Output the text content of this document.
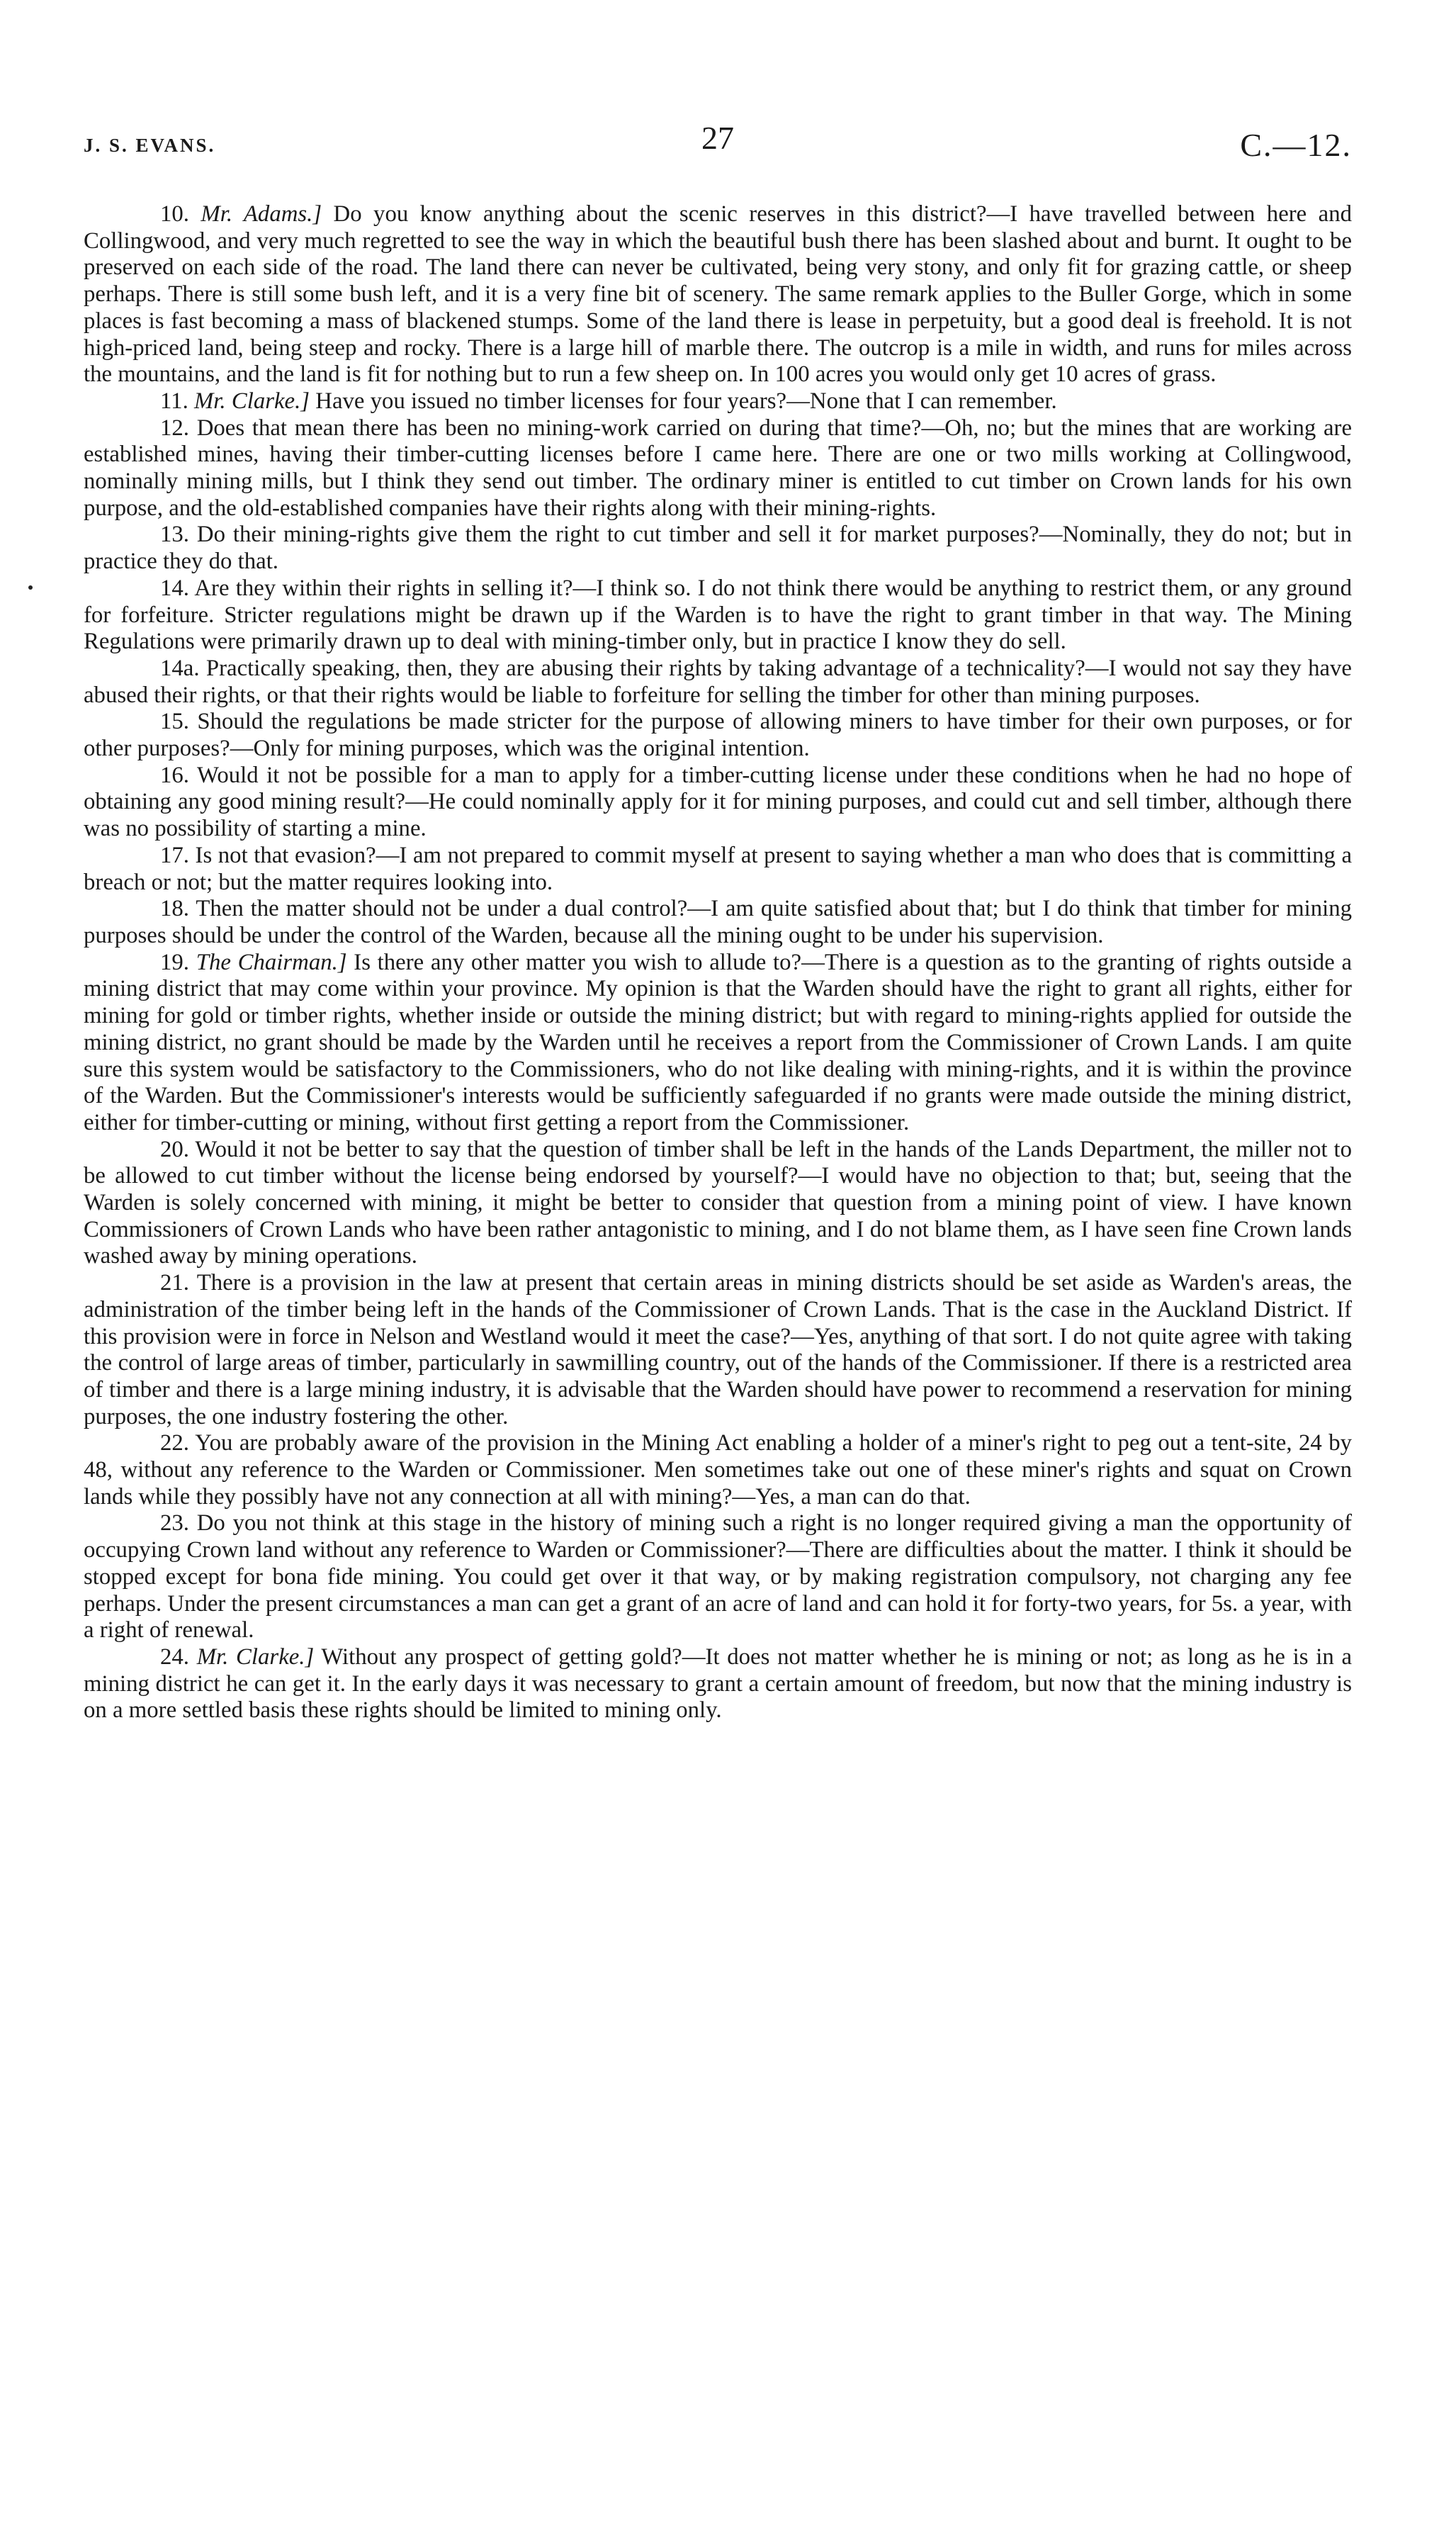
J. S. EVANS.	27	C.—12.

10. Mr. Adams.] Do you know anything about the scenic reserves in this district?—I have travelled between here and Collingwood, and very much regretted to see the way in which the beautiful bush there has been slashed about and burnt. It ought to be preserved on each side of the road. The land there can never be cultivated, being very stony, and only fit for grazing cattle, or sheep perhaps. There is still some bush left, and it is a very fine bit of scenery. The same remark applies to the Buller Gorge, which in some places is fast becoming a mass of blackened stumps. Some of the land there is lease in perpetuity, but a good deal is freehold. It is not high-priced land, being steep and rocky. There is a large hill of marble there. The outcrop is a mile in width, and runs for miles across the mountains, and the land is fit for nothing but to run a few sheep on. In 100 acres you would only get 10 acres of grass.

11. Mr. Clarke.] Have you issued no timber licenses for four years?—None that I can remember.

12. Does that mean there has been no mining-work carried on during that time?—Oh, no; but the mines that are working are established mines, having their timber-cutting licenses before I came here. There are one or two mills working at Collingwood, nominally mining mills, but I think they send out timber. The ordinary miner is entitled to cut timber on Crown lands for his own purpose, and the old-established companies have their rights along with their mining-rights.

13. Do their mining-rights give them the right to cut timber and sell it for market purposes?—Nominally, they do not; but in practice they do that.

14. Are they within their rights in selling it?—I think so. I do not think there would be anything to restrict them, or any ground for forfeiture. Stricter regulations might be drawn up if the Warden is to have the right to grant timber in that way. The Mining Regulations were primarily drawn up to deal with mining-timber only, but in practice I know they do sell.

14a. Practically speaking, then, they are abusing their rights by taking advantage of a technicality?—I would not say they have abused their rights, or that their rights would be liable to forfeiture for selling the timber for other than mining purposes.

15. Should the regulations be made stricter for the purpose of allowing miners to have timber for their own purposes, or for other purposes?—Only for mining purposes, which was the original intention.

16. Would it not be possible for a man to apply for a timber-cutting license under these conditions when he had no hope of obtaining any good mining result?—He could nominally apply for it for mining purposes, and could cut and sell timber, although there was no possibility of starting a mine.

17. Is not that evasion?—I am not prepared to commit myself at present to saying whether a man who does that is committing a breach or not; but the matter requires looking into.

18. Then the matter should not be under a dual control?—I am quite satisfied about that; but I do think that timber for mining purposes should be under the control of the Warden, because all the mining ought to be under his supervision.

19. The Chairman.] Is there any other matter you wish to allude to?—There is a question as to the granting of rights outside a mining district that may come within your province. My opinion is that the Warden should have the right to grant all rights, either for mining for gold or timber rights, whether inside or outside the mining district; but with regard to mining-rights applied for outside the mining district, no grant should be made by the Warden until he receives a report from the Commissioner of Crown Lands. I am quite sure this system would be satisfactory to the Commissioners, who do not like dealing with mining-rights, and it is within the province of the Warden. But the Commissioner's interests would be sufficiently safeguarded if no grants were made outside the mining district, either for timber-cutting or mining, without first getting a report from the Commissioner.

20. Would it not be better to say that the question of timber shall be left in the hands of the Lands Department, the miller not to be allowed to cut timber without the license being endorsed by yourself?—I would have no objection to that; but, seeing that the Warden is solely concerned with mining, it might be better to consider that question from a mining point of view. I have known Commissioners of Crown Lands who have been rather antagonistic to mining, and I do not blame them, as I have seen fine Crown lands washed away by mining operations.

21. There is a provision in the law at present that certain areas in mining districts should be set aside as Warden's areas, the administration of the timber being left in the hands of the Commissioner of Crown Lands. That is the case in the Auckland District. If this provision were in force in Nelson and Westland would it meet the case?—Yes, anything of that sort. I do not quite agree with taking the control of large areas of timber, particularly in sawmilling country, out of the hands of the Commissioner. If there is a restricted area of timber and there is a large mining industry, it is advisable that the Warden should have power to recommend a reservation for mining purposes, the one industry fostering the other.

22. You are probably aware of the provision in the Mining Act enabling a holder of a miner's right to peg out a tent-site, 24 by 48, without any reference to the Warden or Commissioner. Men sometimes take out one of these miner's rights and squat on Crown lands while they possibly have not any connection at all with mining?—Yes, a man can do that.

23. Do you not think at this stage in the history of mining such a right is no longer required giving a man the opportunity of occupying Crown land without any reference to Warden or Commissioner?—There are difficulties about the matter. I think it should be stopped except for bona fide mining. You could get over it that way, or by making registration compulsory, not charging any fee perhaps. Under the present circumstances a man can get a grant of an acre of land and can hold it for forty-two years, for 5s. a year, with a right of renewal.

24. Mr. Clarke.] Without any prospect of getting gold?—It does not matter whether he is mining or not; as long as he is in a mining district he can get it. In the early days it was necessary to grant a certain amount of freedom, but now that the mining industry is on a more settled basis these rights should be limited to mining only.
